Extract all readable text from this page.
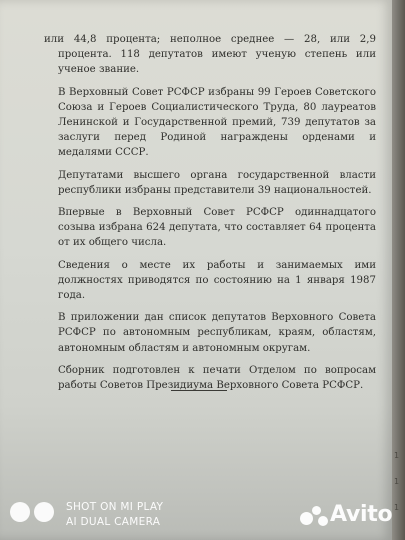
или 44,8 процента; неполное среднее — 28, или 2,9 процента. 118 депутатов имеют ученую степень или ученое звание.

В Верховный Совет РСФСР избраны 99 Героев Советского Союза и Героев Социалистического Труда, 80 лауреатов Ленинской и Государственной премий, 739 депутатов за заслуги перед Родиной награждены орденами и медалями СССР.

Депутатами высшего органа государственной власти республики избраны представители 39 национальностей.

Впервые в Верховный Совет РСФСР одиннадцатого созыва избрана 624 депутата, что составляет 64 процента от их общего числа.

Сведения о месте их работы и занимаемых ими должностях приводятся по состоянию на 1 января 1987 года.

В приложении дан список депутатов Верховного Совета РСФСР по автономным республикам, краям, областям, автономным областям и автономным округам.

Сборник подготовлен к печати Отделом по вопросам работы Советов Президиума Верховного Совета РСФСР.

1
1
1
SHOT ON MI PLAY
AI DUAL CAMERA	Avito
